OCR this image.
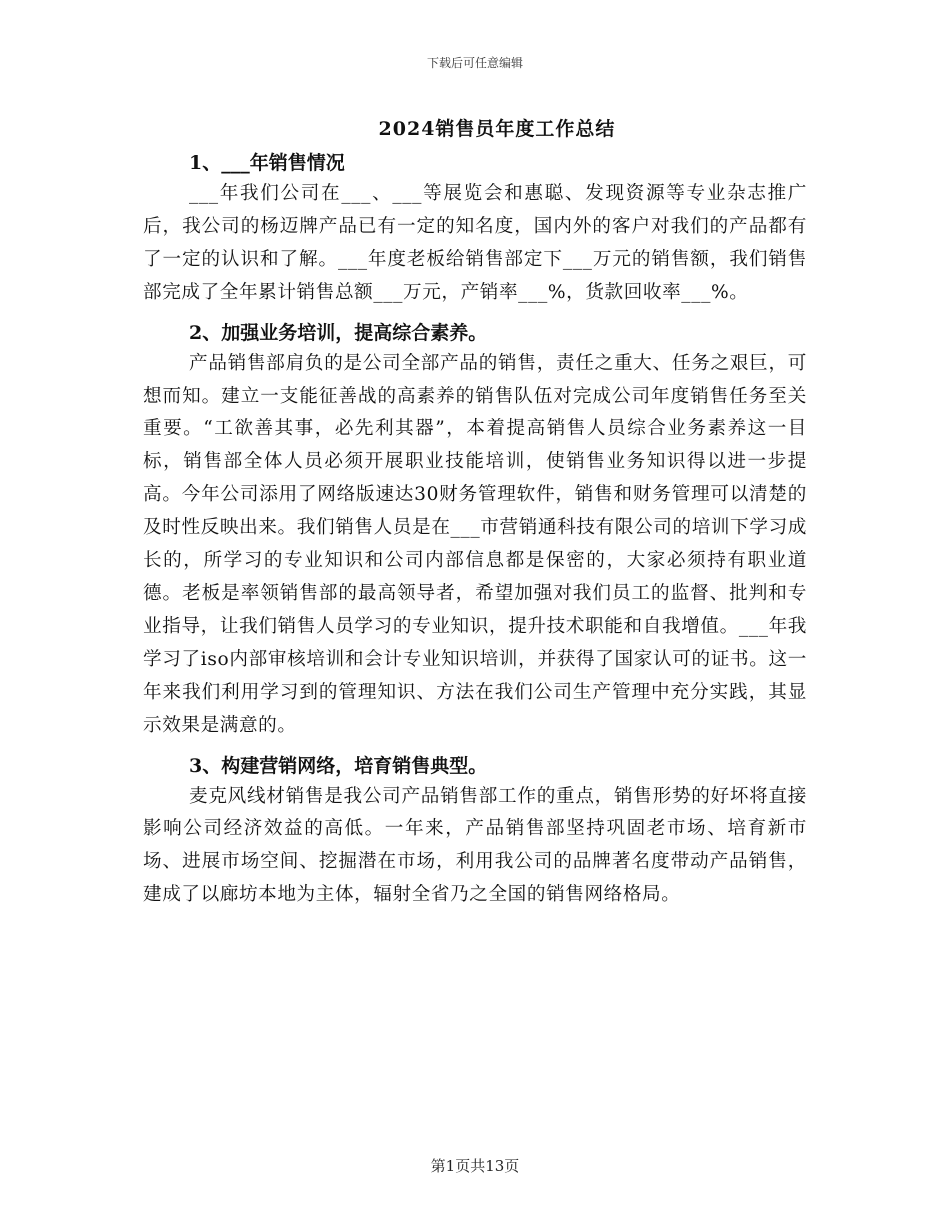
下载后可任意编辑
2024销售员年度工作总结
1、___年销售情况

___年我们公司在___、___等展览会和惠聪、发现资源等专业杂志推广后，我公司的杨迈牌产品已有一定的知名度，国内外的客户对我们的产品都有了一定的认识和了解。___年度老板给销售部定下___万元的销售额，我们销售部完成了全年累计销售总额___万元，产销率___%，货款回收率___%。

2、加强业务培训，提高综合素养。

产品销售部肩负的是公司全部产品的销售，责任之重大、任务之艰巨，可想而知。建立一支能征善战的高素养的销售队伍对完成公司年度销售任务至关重要。“工欲善其事，必先利其器”，本着提高销售人员综合业务素养这一目标，销售部全体人员必须开展职业技能培训，使销售业务知识得以进一步提高。今年公司添用了网络版速达30财务管理软件，销售和财务管理可以清楚的及时性反映出来。我们销售人员是在___市营销通科技有限公司的培训下学习成长的，所学习的专业知识和公司内部信息都是保密的，大家必须持有职业道德。老板是率领销售部的最高领导者，希望加强对我们员工的监督、批判和专业指导，让我们销售人员学习的专业知识，提升技术职能和自我增值。___年我学习了iso内部审核培训和会计专业知识培训，并获得了国家认可的证书。这一年来我们利用学习到的管理知识、方法在我们公司生产管理中充分实践，其显示效果是满意的。

3、构建营销网络，培育销售典型。

麦克风线材销售是我公司产品销售部工作的重点，销售形势的好坏将直接影响公司经济效益的高低。一年来，产品销售部坚持巩固老市场、培育新市场、进展市场空间、挖掘潜在市场，利用我公司的品牌著名度带动产品销售，建成了以廊坊本地为主体，辐射全省乃之全国的销售网络格局。

第1页共13页
